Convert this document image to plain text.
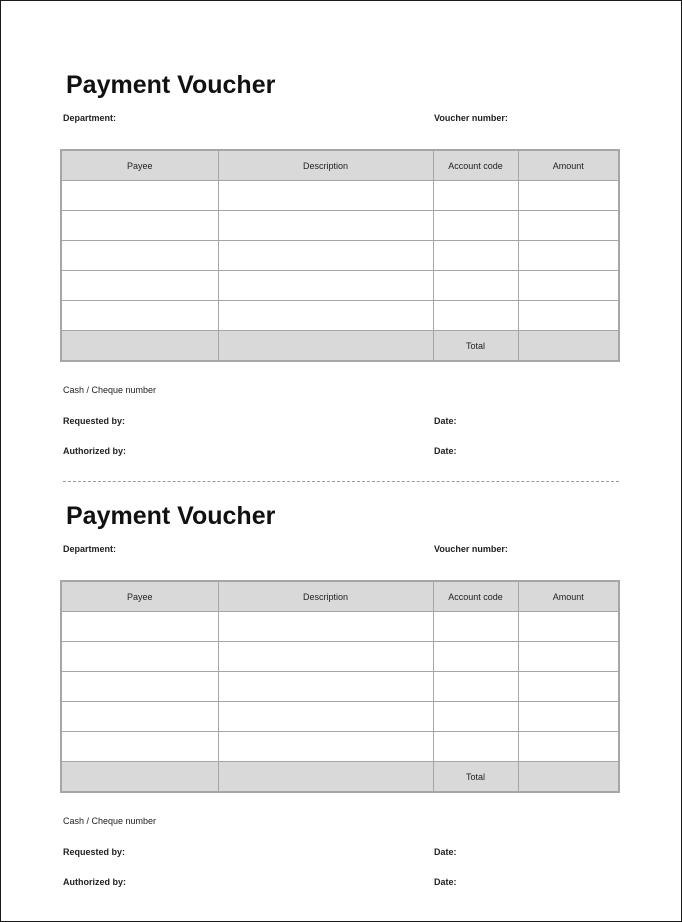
Payment Voucher
Department:	Voucher number:
Payee	Description	Account code	Amount

		Total	
Cash / Cheque number
Requested by:	Date:
Authorized by:	Date:
Payment Voucher
Department:	Voucher number:
Payee	Description	Account code	Amount

		Total	
Cash / Cheque number
Requested by:	Date:
Authorized by:	Date:
